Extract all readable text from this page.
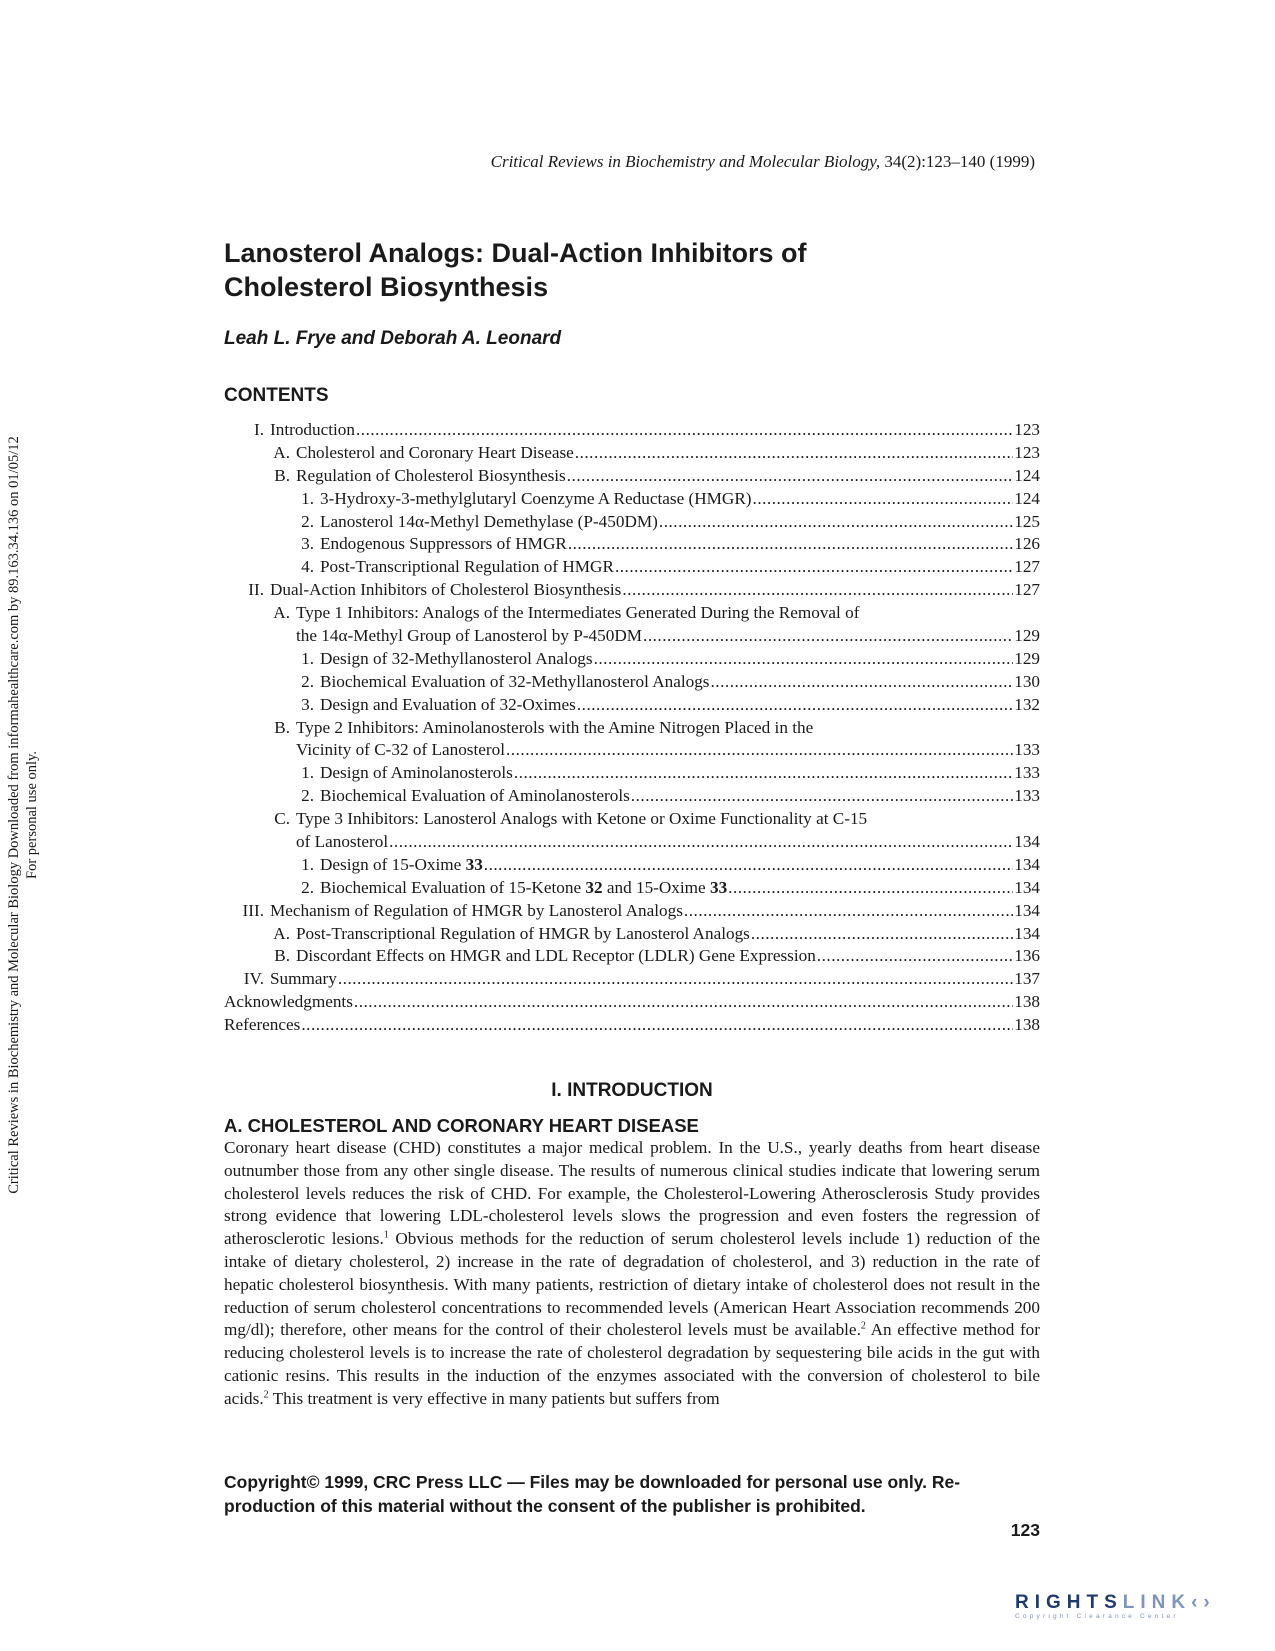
Critical Reviews in Biochemistry and Molecular Biology Downloaded from informahealthcare.com by 89.163.34.136 on 01/05/12 For personal use only.
Critical Reviews in Biochemistry and Molecular Biology, 34(2):123–140 (1999)
Lanosterol Analogs: Dual-Action Inhibitors of
Cholesterol Biosynthesis
Leah L. Frye and Deborah A. Leonard
CONTENTS
I. Introduction .....	123
A. Cholesterol and Coronary Heart Disease .....	123
B. Regulation of Cholesterol Biosynthesis .....	124
1. 3-Hydroxy-3-methylglutaryl Coenzyme A Reductase (HMGR) .....	124
2. Lanosterol 14α-Methyl Demethylase (P-450DM) .....	125
3. Endogenous Suppressors of HMGR .....	126
4. Post-Transcriptional Regulation of HMGR .....	127
II. Dual-Action Inhibitors of Cholesterol Biosynthesis .....	127
A. Type 1 Inhibitors: Analogs of the Intermediates Generated During the Removal of
the 14α-Methyl Group of Lanosterol by P-450DM .....	129
1. Design of 32-Methyllanosterol Analogs .....	129
2. Biochemical Evaluation of 32-Methyllanosterol Analogs .....	130
3. Design and Evaluation of 32-Oximes .....	132
B. Type 2 Inhibitors: Aminolanosterols with the Amine Nitrogen Placed in the
Vicinity of C-32 of Lanosterol .....	133
1. Design of Aminolanosterols .....	133
2. Biochemical Evaluation of Aminolanosterols .....	133
C. Type 3 Inhibitors: Lanosterol Analogs with Ketone or Oxime Functionality at C-15
of Lanosterol .....	134
1. Design of 15-Oxime 33 .....	134
2. Biochemical Evaluation of 15-Ketone 32 and 15-Oxime 33 .....	134
III. Mechanism of Regulation of HMGR by Lanosterol Analogs .....	134
A. Post-Transcriptional Regulation of HMGR by Lanosterol Analogs .....	134
B. Discordant Effects on HMGR and LDL Receptor (LDLR) Gene Expression .....	136
IV. Summary .....	137
Acknowledgments .....	138
References .....	138
I. INTRODUCTION
A. CHOLESTEROL AND CORONARY HEART DISEASE

Coronary heart disease (CHD) constitutes a major medical problem. In the U.S., yearly deaths from heart disease outnumber those from any other single disease. The results of numerous clinical studies indicate that lowering serum cholesterol levels reduces the risk of CHD. For example, the Cholesterol-Lowering Atherosclerosis Study provides strong evidence that lowering LDL-cholesterol levels slows the progression and even fosters the regression of atherosclerotic lesions.$^1$ Obvious methods for the reduction of serum cholesterol levels include 1) reduction of the intake of dietary cholesterol, 2) increase in the rate of degradation of cholesterol, and 3) reduction in the rate of hepatic cholesterol biosynthesis. With many patients, restriction of dietary intake of cholesterol does not result in the reduction of serum cholesterol concentrations to recommended levels (American Heart Association recommends 200 mg/dl); therefore, other means for the control of their cholesterol levels must be available.$^2$ An effective method for reducing cholesterol levels is to increase the rate of cholesterol degradation by sequestering bile acids in the gut with cationic resins. This results in the induction of the enzymes associated with the conversion of cholesterol to bile acids.$^2$ This treatment is very effective in many patients but suffers from

Copyright© 1999, CRC Press LLC — Files may be downloaded for personal use only. Re-
production of this material without the consent of the publisher is prohibited.

123
RIGHTSLINK‹›
Copyright Clearance Center
